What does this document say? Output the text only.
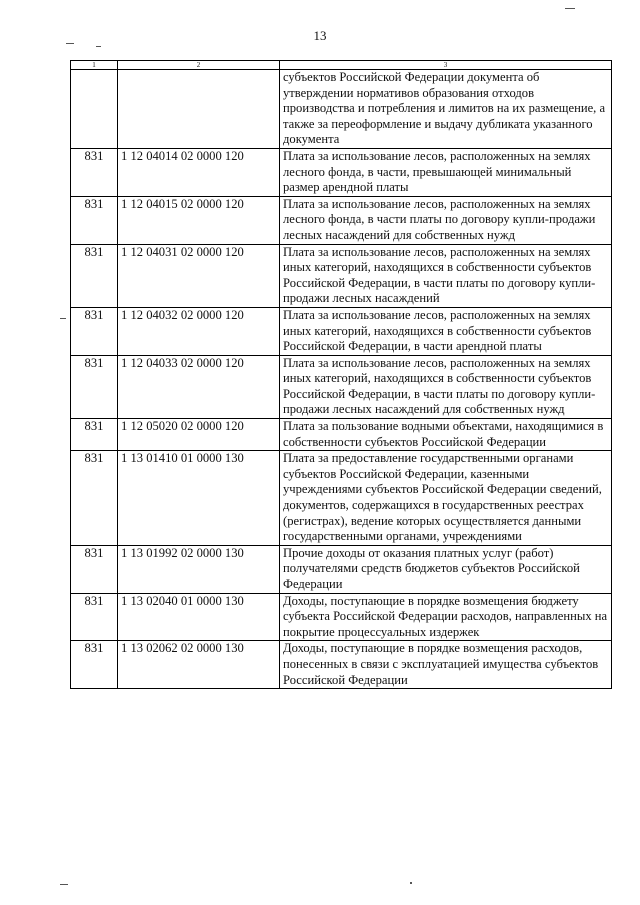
13
1	2	3
		субъектов Российской Федерации документа об утверждении нормативов образования отходов производства и потребления и лимитов на их размещение, а также за переоформление и выдачу дубликата указанного документа
831	1 12 04014 02 0000 120	Плата за использование лесов, расположенных на землях лесного фонда, в части, превышающей минимальный размер арендной платы
831	1 12 04015 02 0000 120	Плата за использование лесов, расположенных на землях лесного фонда, в части платы по договору купли-продажи лесных насаждений для собственных нужд
831	1 12 04031 02 0000 120	Плата за использование лесов, расположенных на землях иных категорий, находящихся в собственности субъектов Российской Федерации, в части платы по договору купли-продажи лесных насаждений
831	1 12 04032 02 0000 120	Плата за использование лесов, расположенных на землях иных категорий, находящихся в собственности субъектов Российской Федерации, в части арендной платы
831	1 12 04033 02 0000 120	Плата за использование лесов, расположенных на землях иных категорий, находящихся в собственности субъектов Российской Федерации, в части платы по договору купли-продажи лесных насаждений для собственных нужд
831	1 12 05020 02 0000 120	Плата за пользование водными объектами, находящимися в собственности субъектов Российской Федерации
831	1 13 01410 01 0000 130	Плата за предоставление государственными органами субъектов Российской Федерации, казенными учреждениями субъектов Российской Федерации сведений, документов, содержащихся в государственных реестрах (регистрах), ведение которых осуществляется данными государственными органами, учреждениями
831	1 13 01992 02 0000 130	Прочие доходы от оказания платных услуг (работ) получателями средств бюджетов субъектов Российской Федерации
831	1 13 02040 01 0000 130	Доходы, поступающие в порядке возмещения бюджету субъекта Российской Федерации расходов, направленных на покрытие процессуальных издержек
831	1 13 02062 02 0000 130	Доходы, поступающие в порядке возмещения расходов, понесенных в связи с эксплуатацией имущества субъектов Российской Федерации
